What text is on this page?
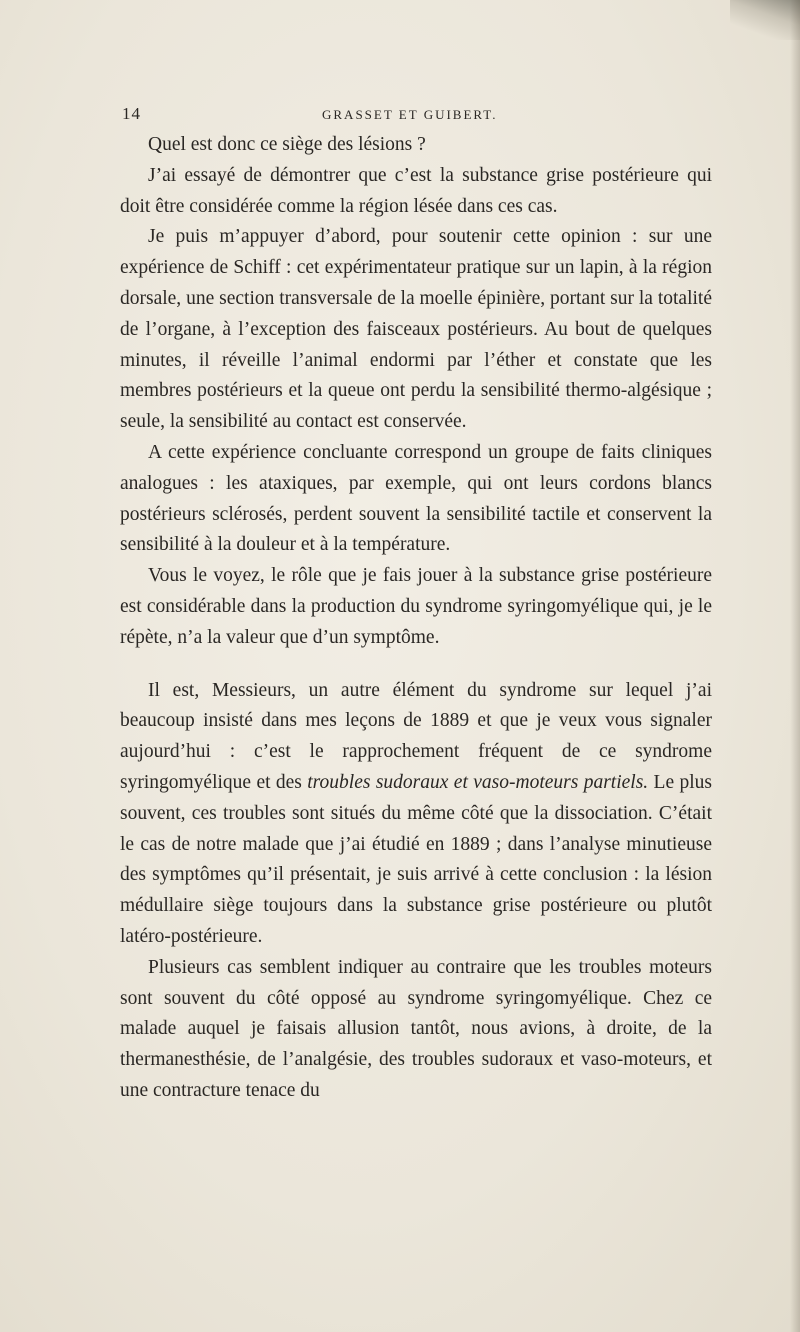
14	GRASSET ET GUIBERT.

Quel est donc ce siège des lésions ?

J’ai essayé de démontrer que c’est la substance grise postérieure qui doit être considérée comme la région lésée dans ces cas.

Je puis m’appuyer d’abord, pour soutenir cette opinion : sur une expérience de Schiff : cet expérimentateur pratique sur un lapin, à la région dorsale, une section transversale de la moelle épinière, portant sur la totalité de l’organe, à l’exception des faisceaux postérieurs. Au bout de quelques minutes, il réveille l’animal endormi par l’éther et constate que les membres postérieurs et la queue ont perdu la sensibilité thermo-algésique ; seule, la sensibilité au contact est conservée.

A cette expérience concluante correspond un groupe de faits cliniques analogues : les ataxiques, par exemple, qui ont leurs cordons blancs postérieurs sclérosés, perdent souvent la sensibilité tactile et conservent la sensibilité à la douleur et à la température.

Vous le voyez, le rôle que je fais jouer à la substance grise postérieure est considérable dans la production du syndrome syringomyélique qui, je le répète, n’a la valeur que d’un symptôme.

Il est, Messieurs, un autre élément du syndrome sur lequel j’ai beaucoup insisté dans mes leçons de 1889 et que je veux vous signaler aujourd’hui : c’est le rapprochement fréquent de ce syndrome syringomyélique et des troubles sudoraux et vaso-moteurs partiels. Le plus souvent, ces troubles sont situés du même côté que la dissociation. C’était le cas de notre malade que j’ai étudié en 1889 ; dans l’analyse minutieuse des symptômes qu’il présentait, je suis arrivé à cette conclusion : la lésion médullaire siège toujours dans la substance grise postérieure ou plutôt latéro-postérieure.

Plusieurs cas semblent indiquer au contraire que les troubles moteurs sont souvent du côté opposé au syndrome syringomyélique. Chez ce malade auquel je faisais allusion tantôt, nous avions, à droite, de la thermanesthésie, de l’analgésie, des troubles sudoraux et vaso-moteurs, et une contracture tenace du
